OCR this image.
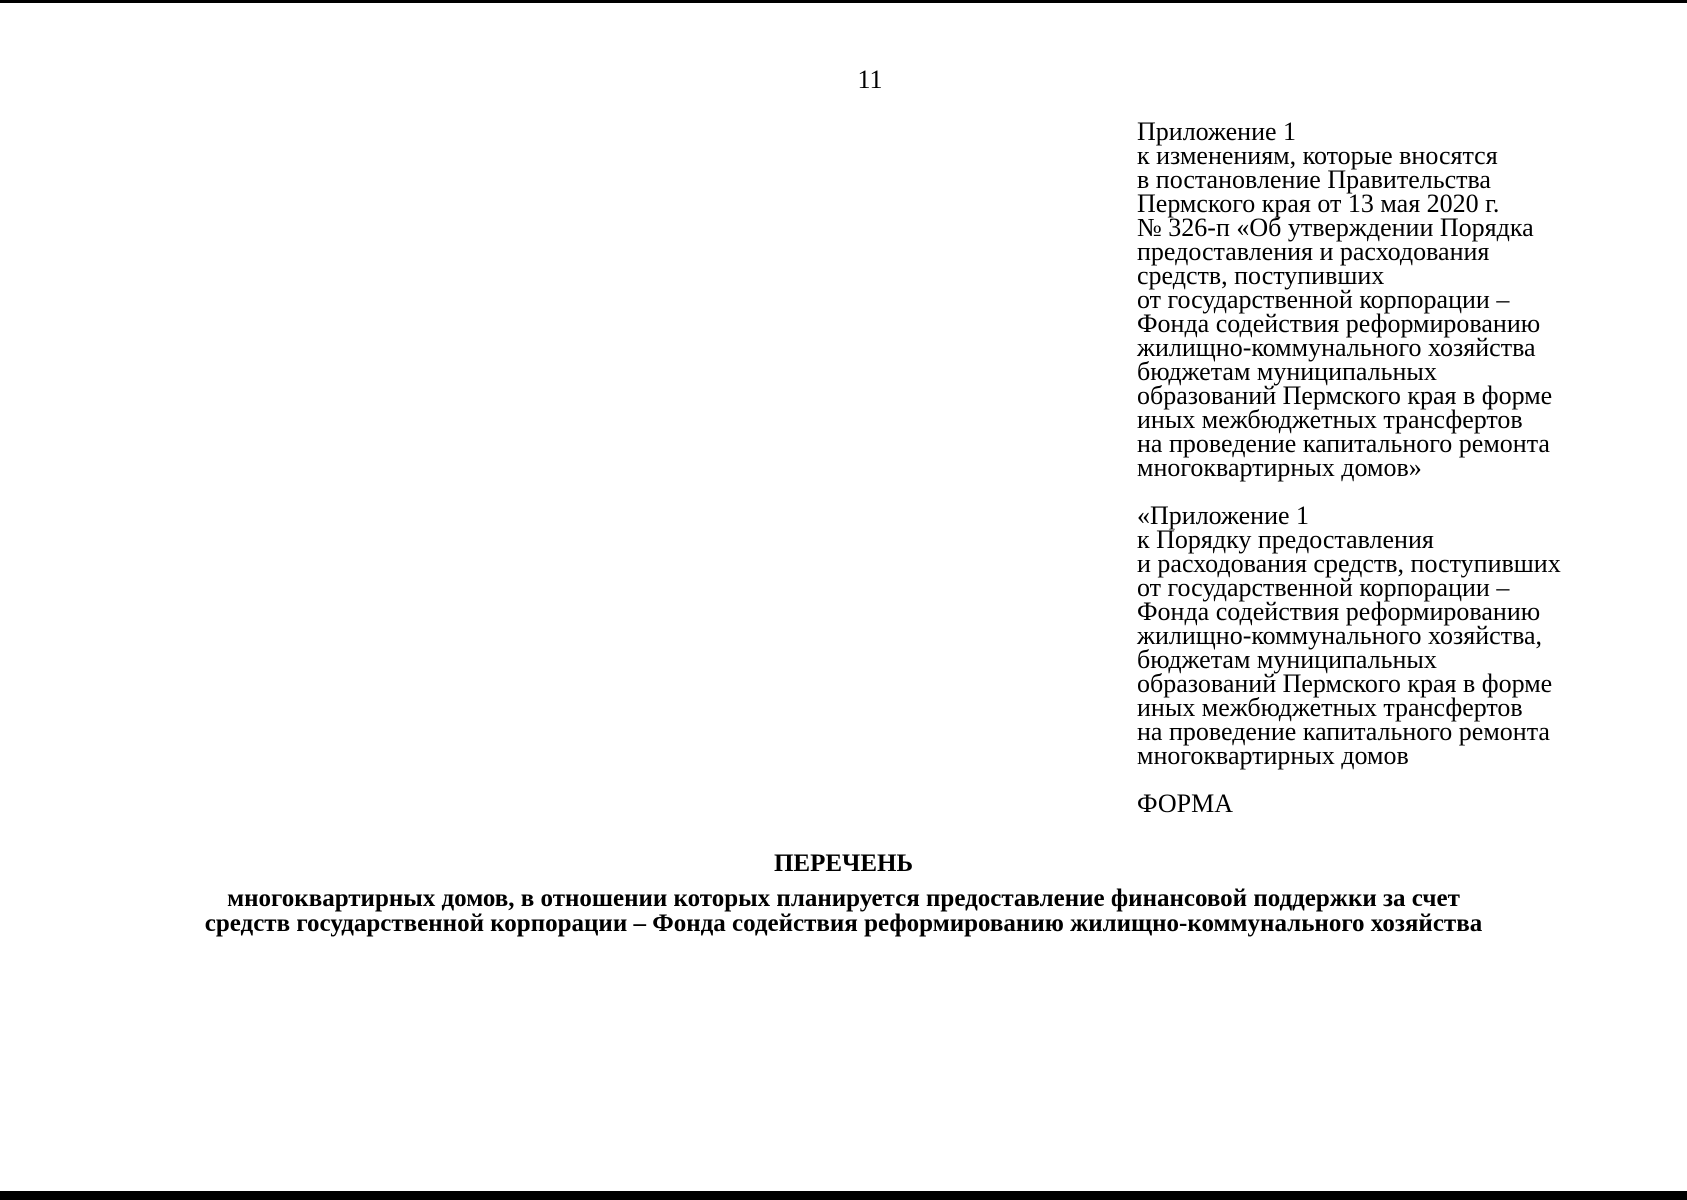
11
Приложение 1
к изменениям, которые вносятся
в постановление Правительства
Пермского края от 13 мая 2020 г.
№ 326-п «Об утверждении Порядка
предоставления и расходования
средств, поступивших
от государственной корпорации –
Фонда содействия реформированию
жилищно-коммунального хозяйства
бюджетам муниципальных
образований Пермского края в форме
иных межбюджетных трансфертов
на проведение капитального ремонта
многоквартирных домов»
«Приложение 1
к Порядку предоставления
и расходования средств, поступивших
от государственной корпорации –
Фонда содействия реформированию
жилищно-коммунального хозяйства,
бюджетам муниципальных
образований Пермского края в форме
иных межбюджетных трансфертов
на проведение капитального ремонта
многоквартирных домов
ФОРМА
ПЕРЕЧЕНЬ
многоквартирных домов, в отношении которых планируется предоставление финансовой поддержки за счет
средств государственной корпорации – Фонда содействия реформированию жилищно-коммунального хозяйства
